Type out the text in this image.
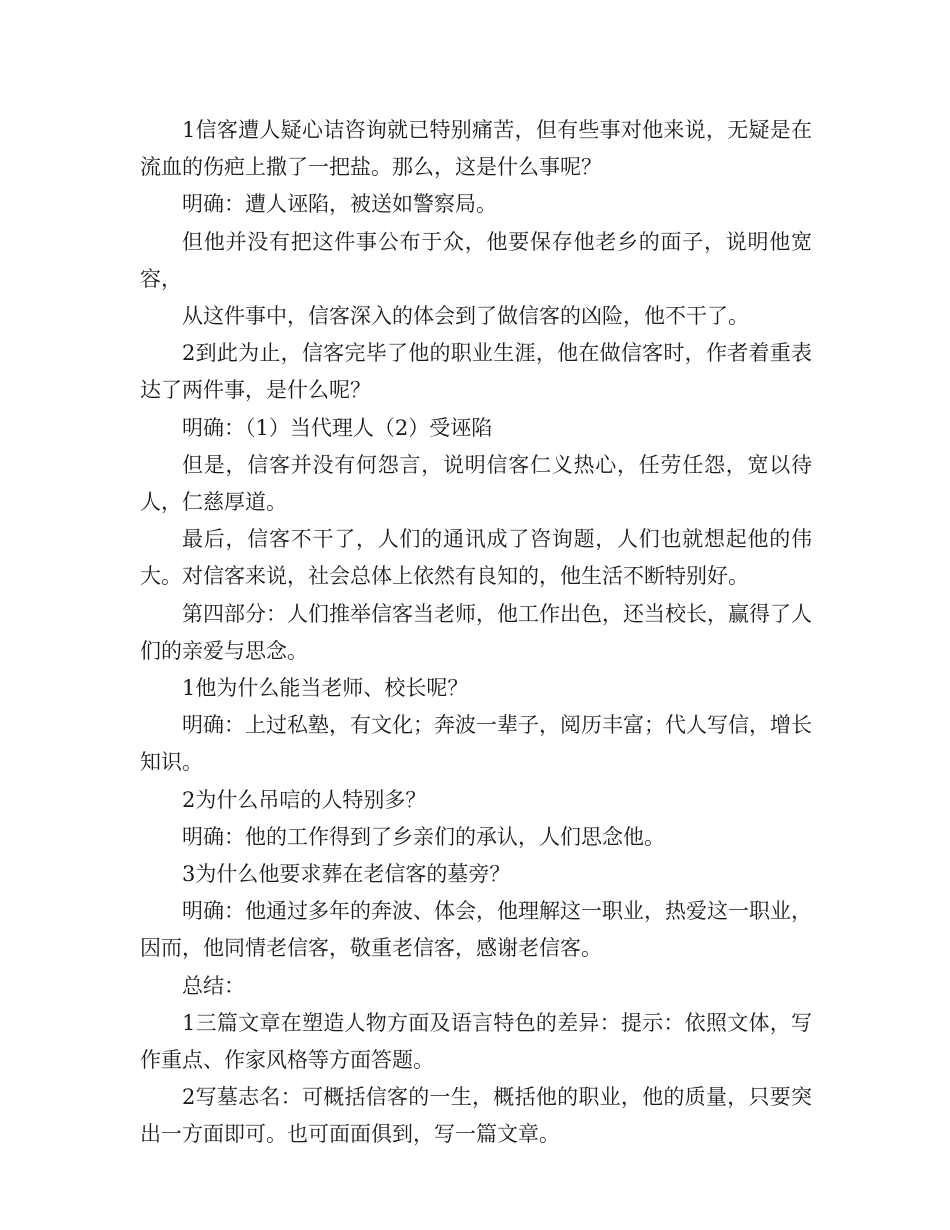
1信客遭人疑心诘咨询就已特别痛苦，但有些事对他来说，无疑是在流血的伤疤上撒了一把盐。那么，这是什么事呢？

明确：遭人诬陷，被送如警察局。

但他并没有把这件事公布于众，他要保存他老乡的面子，说明他宽容，

从这件事中，信客深入的体会到了做信客的凶险，他不干了。

2到此为止，信客完毕了他的职业生涯，他在做信客时，作者着重表达了两件事，是什么呢？

明确：（1）当代理人（2）受诬陷

但是，信客并没有何怨言，说明信客仁义热心，任劳任怨，宽以待人，仁慈厚道。

最后，信客不干了，人们的通讯成了咨询题，人们也就想起他的伟大。对信客来说，社会总体上依然有良知的，他生活不断特别好。

第四部分：人们推举信客当老师，他工作出色，还当校长，赢得了人们的亲爱与思念。

1他为什么能当老师、校长呢？

明确：上过私塾，有文化；奔波一辈子，阅历丰富；代人写信，增长知识。

2为什么吊唁的人特别多？

明确：他的工作得到了乡亲们的承认，人们思念他。

3为什么他要求葬在老信客的墓旁？

明确：他通过多年的奔波、体会，他理解这一职业，热爱这一职业，因而，他同情老信客，敬重老信客，感谢老信客。

总结：

1三篇文章在塑造人物方面及语言特色的差异：提示：依照文体，写作重点、作家风格等方面答题。

2写墓志名：可概括信客的一生，概括他的职业，他的质量，只要突出一方面即可。也可面面俱到，写一篇文章。
